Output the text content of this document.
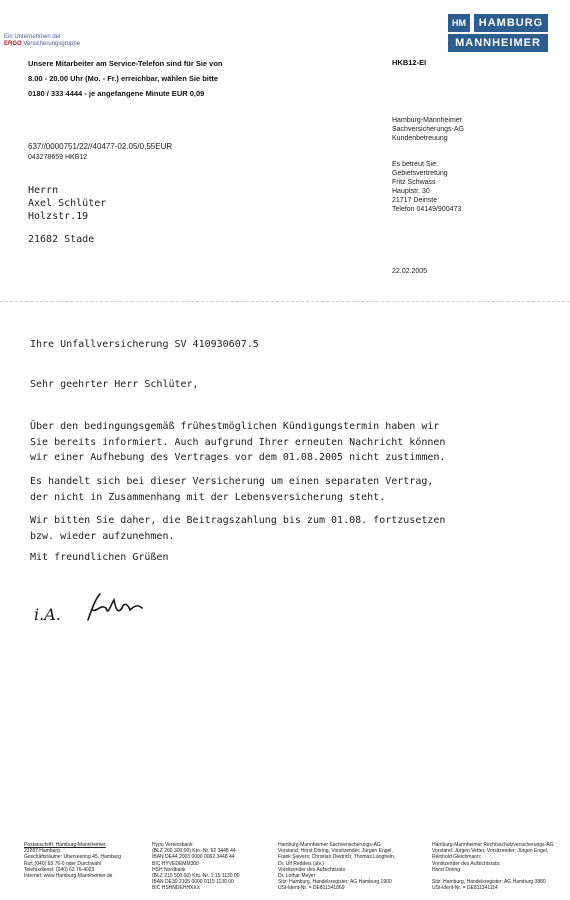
Ein Unternehmen der
ERGO Versicherungsgruppe
HM	HAMBURG
MANNHEIMER
Unsere Mitarbeiter am Service-Telefon sind für Sie von
8.00 - 20.00 Uhr (Mo. - Fr.) erreichbar, wählen Sie bitte
0180 / 333 4444 - je angefangene Minute EUR 0,09
HKB12-EI
Hamburg-Mannheimer
Sachversicherungs-AG
Kundenbetreuung
Es betreut Sie:
Gebietsvertretung
Fritz Schwass
Hauptstr. 30
21717 Deinste
Telefon 04149/900473
637//0000751/22//40477-02.05/0,55EUR
043278659 HKB12
Herrn
Axel Schlüter
Holzstr.19
21682 Stade
22.02.2005
Ihre Unfallversicherung SV 410930607.5
Sehr geehrter Herr Schlüter,
Über den bedingungsgemäß frühestmöglichen Kündigungstermin haben wir
Sie bereits informiert. Auch aufgrund Ihrer erneuten Nachricht können
wir einer Aufhebung des Vertrages vor dem 01.08.2005 nicht zustimmen.
Es handelt sich bei dieser Versicherung um einen separaten Vertrag,
der nicht in Zusammenhang mit der Lebensversicherung steht.
Wir bitten Sie daher, die Beitragszahlung bis zum 01.08. fortzusetzen
bzw. wieder aufzunehmen.
Mit freundlichen Grüßen
i.A.
Postanschrift: Hamburg-Mannheimer
22287 Hamburg
Geschäftsräume: Überseering 45, Hamburg
Ruf: (040) 63 76-0 oder Durchwahl
Telefaxdienst: (040) 63 76-4023
Internet: www.Hamburg-Mannheimer.de
Hypo Vereinsbank
(BLZ 200 300 00) Kto.-Nr. 62 3448 44
IBAN DE44 2003 0000 0062 3448 44
BIC HYVEDEMM300
HSH Nordbank
(BLZ 210 500 00) Kto.-Nr. 1 15 1130 00
IBAN DE30 2105 0000 0115 1130 00
BIC HSHNDEHHXXX
Hamburg-Mannheimer Sachversicherungs-AG
Vorstand: Horst Döring, Vorsitzender; Jürgen Engel,
Frank Sievers; Christian Diedrich; Thomas Langhein,
Dr. Ulf Reddeis (stv.)
Vorsitzender des Aufsichtsrats:
Dr. Lothar Meyer
Sitz: Hamburg, Handelsregister: AG Hamburg 1900
USt-Ident-Nr. = DE811341869
Hamburg-Mannheimer Rechtsschutzversicherungs-AG
Vorstand: Jürgen Vetter, Vorsitzender; Jürgen Engel,
Reinhold Gleichmann;
Vorsitzender des Aufsichtsrats:
Horst Döring

Sitz: Hamburg, Handelsregister: AG Hamburg 3880
USt-Ident-Nr. = DE811341114
